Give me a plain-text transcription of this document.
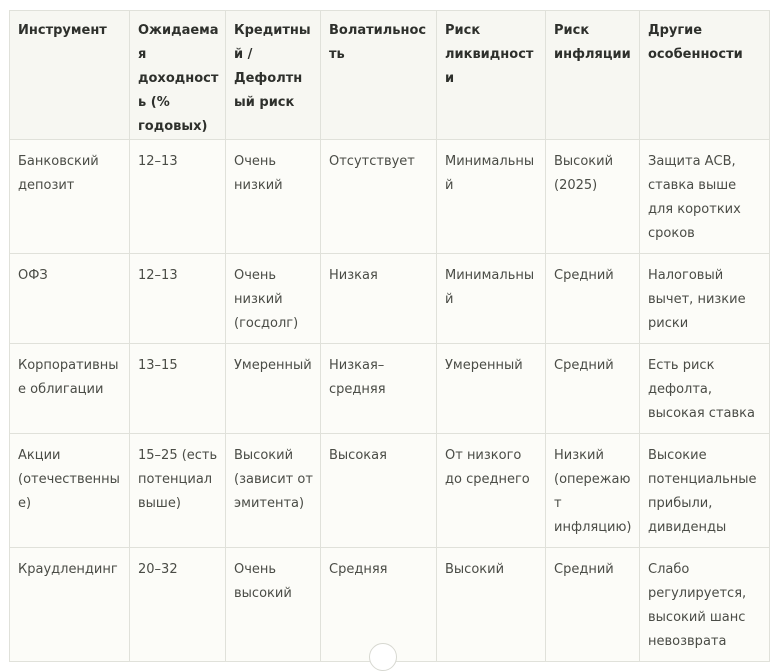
Инструмент	Ожидаемая доходность (% годовых)	Кредитный / Дефолтный риск	Волатильность	Риск ликвидности	Риск инфляции	Другие особенности
Банковский депозит	12–13	Очень низкий	Отсутствует	Минимальный	Высокий (2025)	Защита АСВ, ставка выше для коротких сроков
ОФЗ	12–13	Очень низкий (госдолг)	Низкая	Минимальный	Средний	Налоговый вычет, низкие риски
Корпоративные облигации	13–15	Умеренный	Низкая–средняя	Умеренный	Средний	Есть риск дефолта, высокая ставка
Акции (отечественные)	15–25 (есть потенциал выше)	Высокий (зависит от эмитента)	Высокая	От низкого до среднего	Низкий (опережают инфляцию)	Высокие потенциальные прибыли, дивиденды
Краудлендинг	20–32	Очень высокий	Средняя	Высокий	Средний	Слабо регулируется, высокий шанс невозврата
